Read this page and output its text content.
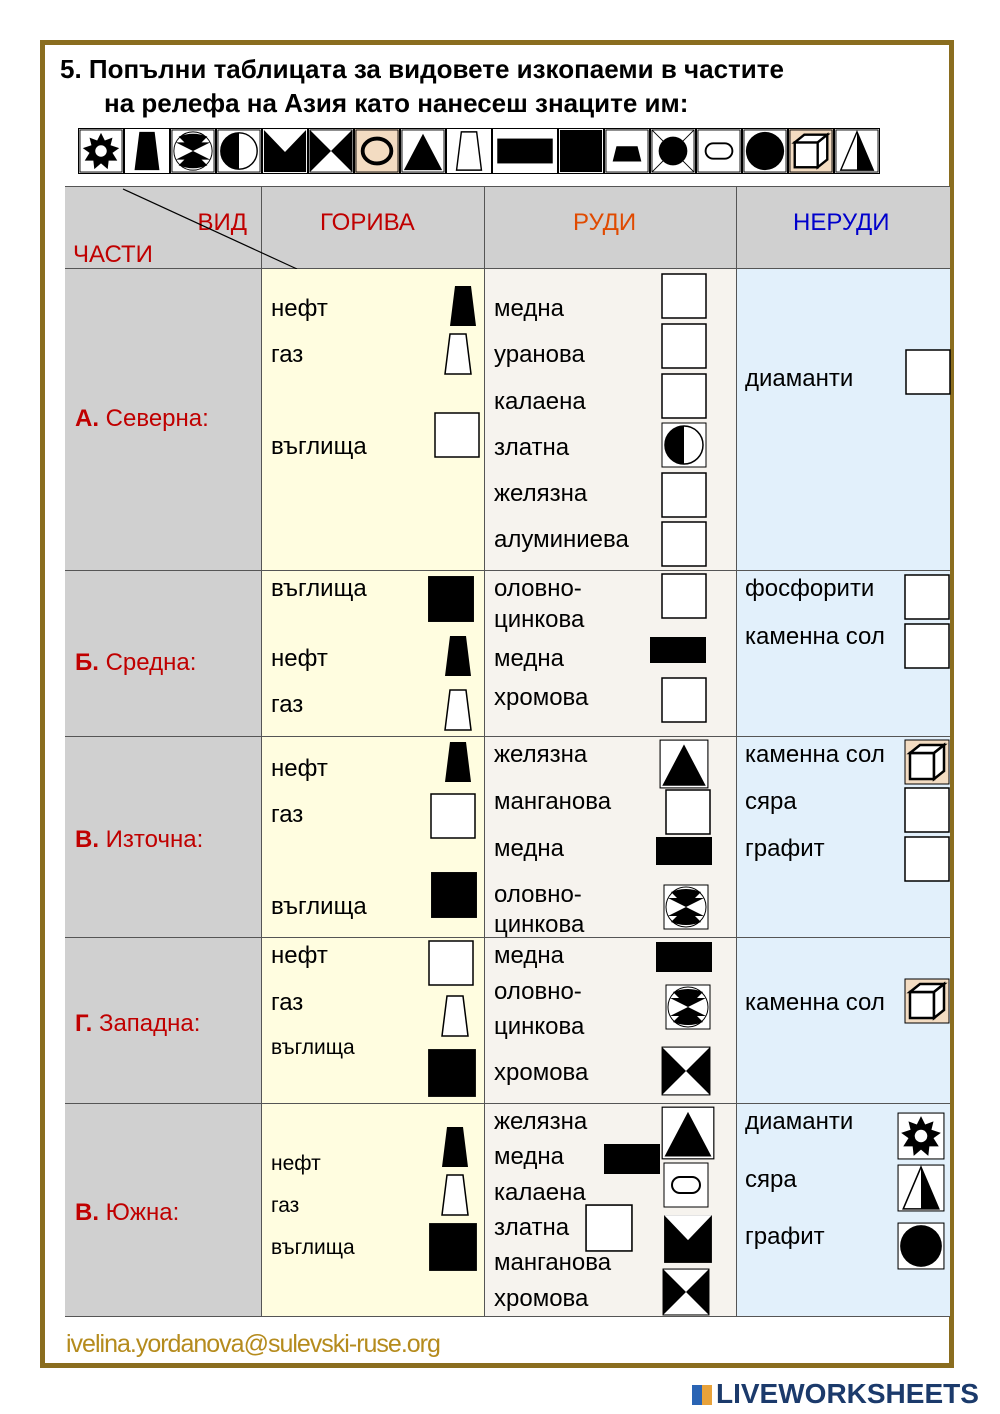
5. Попълни таблицата за видовете изкопаеми в частите
на релефа на Азия като нанесеш знаците им:
ВИД
ЧАСТИ
ГОРИВА	РУДИ	НЕРУДИ
А. Северна:
нефт
газ
въглища
медна
уранова
калаена
златна
желязна
алуминиева
диаманти
Б. Средна:
въглища
нефт
газ
оловно-
цинкова
медна
хромова
фосфорити
каменна сол
В. Източна:
нефт
газ
въглища
желязна
манганова
медна
оловно-
цинкова
каменна сол
сяра
графит
Г. Западна:
нефт
газ
въглища
медна
оловно-
цинкова
хромова
каменна сол
В. Южна:
нефт
газ
въглища
желязна
медна
калаена
златна
манганова
хромова
диаманти
сяра
графит
ivelina.yordanova@sulevski-ruse.org
LIVEWORKSHEETS
